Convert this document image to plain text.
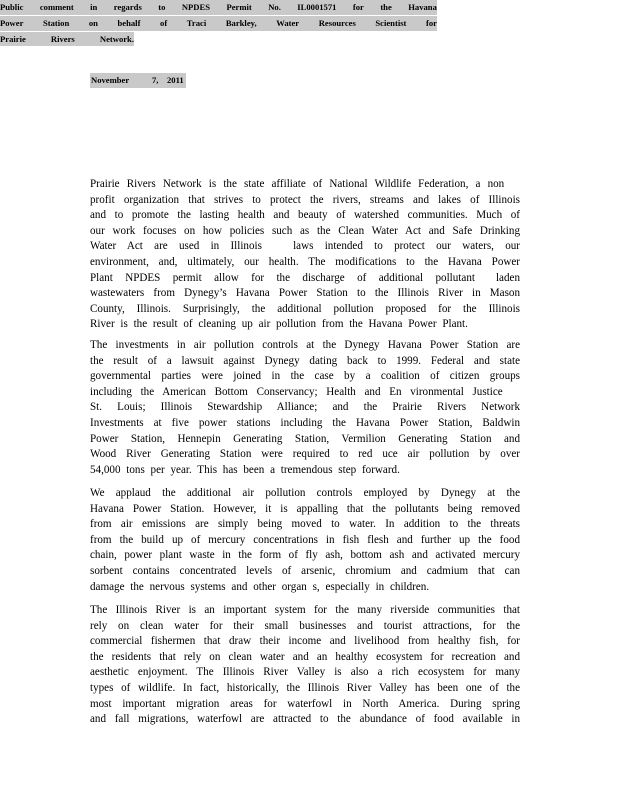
November	7, 2011
Public comment in regards to NPDES Permit No. IL0001571 for the Havana
Power Station on behalf of Traci Barkley, Water Resources Scientist for
Prairie	Rivers	Network.
Prairie Rivers Network is the state affiliate of National Wildlife Federation, a non
profit organization that strives to protect the rivers, streams and lakes of Illinois
and to promote the lasting health and beauty of watershed communities. Much of
our work focuses on how policies such as the Clean Water Act and Safe Drinking
Water Act are used in Illinois laws intended to protect our waters, our
environment, and, ultimately, our health. The modifications to the Havana Power
Plant NPDES permit allow for the discharge of additional pollutant laden
wastewaters from Dynegy’s Havana Power Station to the Illinois River in Mason
County, Illinois. Surprisingly, the additional pollution proposed for the Illinois
River is the result of cleaning up air pollution from the Havana Power Plant.
The investments in air pollution controls at the Dynegy Havana Power Station are
the result of a lawsuit against Dynegy dating back to 1999. Federal and state
governmental parties were joined in the case by a coalition of citizen groups
including the American Bottom Conservancy; Health and En vironmental Justice
St. Louis; Illinois Stewardship Alliance; and the Prairie Rivers Network
Investments at five power stations including the Havana Power Station, Baldwin
Power Station, Hennepin Generating Station, Vermilion Generating Station and
Wood River Generating Station were required to red uce air pollution by over
54,000 tons per year. This has been a tremendous step forward.
We applaud the additional air pollution controls employed by Dynegy at the
Havana Power Station. However, it is appalling that the pollutants being removed
from air emissions are simply being moved to water. In addition to the threats
from the build up of mercury concentrations in fish flesh and further up the food
chain, power plant waste in the form of fly ash, bottom ash and activated mercury
sorbent contains concentrated levels of arsenic, chromium and cadmium that can
damage the nervous systems and other organ s, especially in children.
The Illinois River is an important system for the many riverside communities that
rely on clean water for their small businesses and tourist attractions, for the
commercial fishermen that draw their income and livelihood from healthy fish, for
the residents that rely on clean water and an healthy ecosystem for recreation and
aesthetic enjoyment. The Illinois River Valley is also a rich ecosystem for many
types of wildlife. In fact, historically, the Illinois River Valley has been one of the
most important migration areas for waterfowl in North America. During spring
and fall migrations, waterfowl are attracted to the abundance of food available in
